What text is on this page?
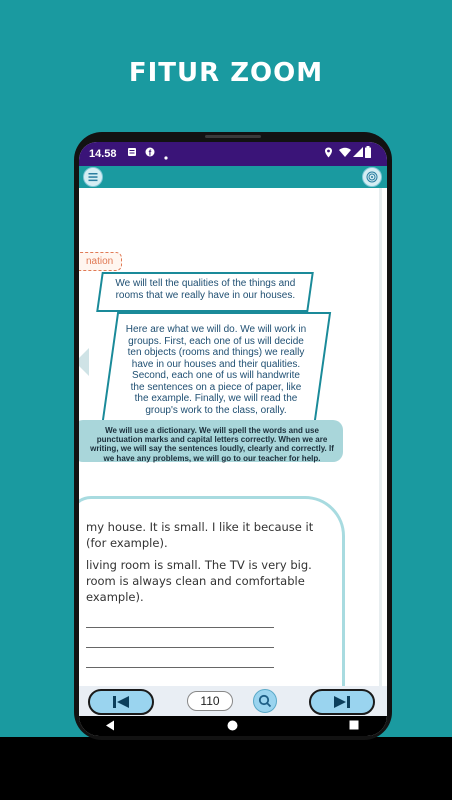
FITUR ZOOM
14.58	f
nation
We will tell the qualities of the things and rooms that we really have in our houses.
Here are what we will do. We will work in groups. First, each one of us will decide ten objects (rooms and things) we really have in our houses and their qualities. Second, each one of us will handwrite the sentences on a piece of paper, like the example. Finally, we will read the group's work to the class, orally.
We will use a dictionary. We will spell the words and use punctuation marks and capital letters correctly. When we are writing, we will say the sentences loudly, clearly and correctly. If we have any problems, we will go to our teacher for help.

my house. It is small. I like it because it

(for example).

living room is small. The TV is very big.

room is always clean and comfortable

example).

110
